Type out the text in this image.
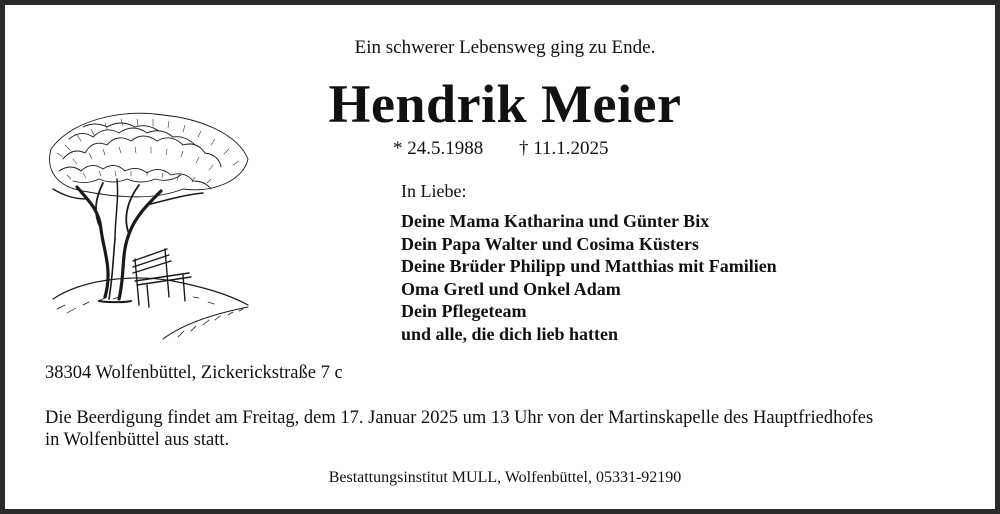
Ein schwerer Lebensweg ging zu Ende.

Hendrik Meier
* 24.5.1988 † 11.1.2025
In Liebe:
Deine Mama Katharina und Günter Bix
Dein Papa Walter und Cosima Küsters
Deine Brüder Philipp und Matthias mit Familien
Oma Gretl und Onkel Adam
Dein Pflegeteam
und alle, die dich lieb hatten

38304 Wolfenbüttel, Zickerickstraße 7 c

Die Beerdigung findet am Freitag, dem 17. Januar 2025 um 13 Uhr von der Martinskapelle des Hauptfriedhofes
in Wolfenbüttel aus statt.

Bestattungsinstitut MULL, Wolfenbüttel, 05331-92190
